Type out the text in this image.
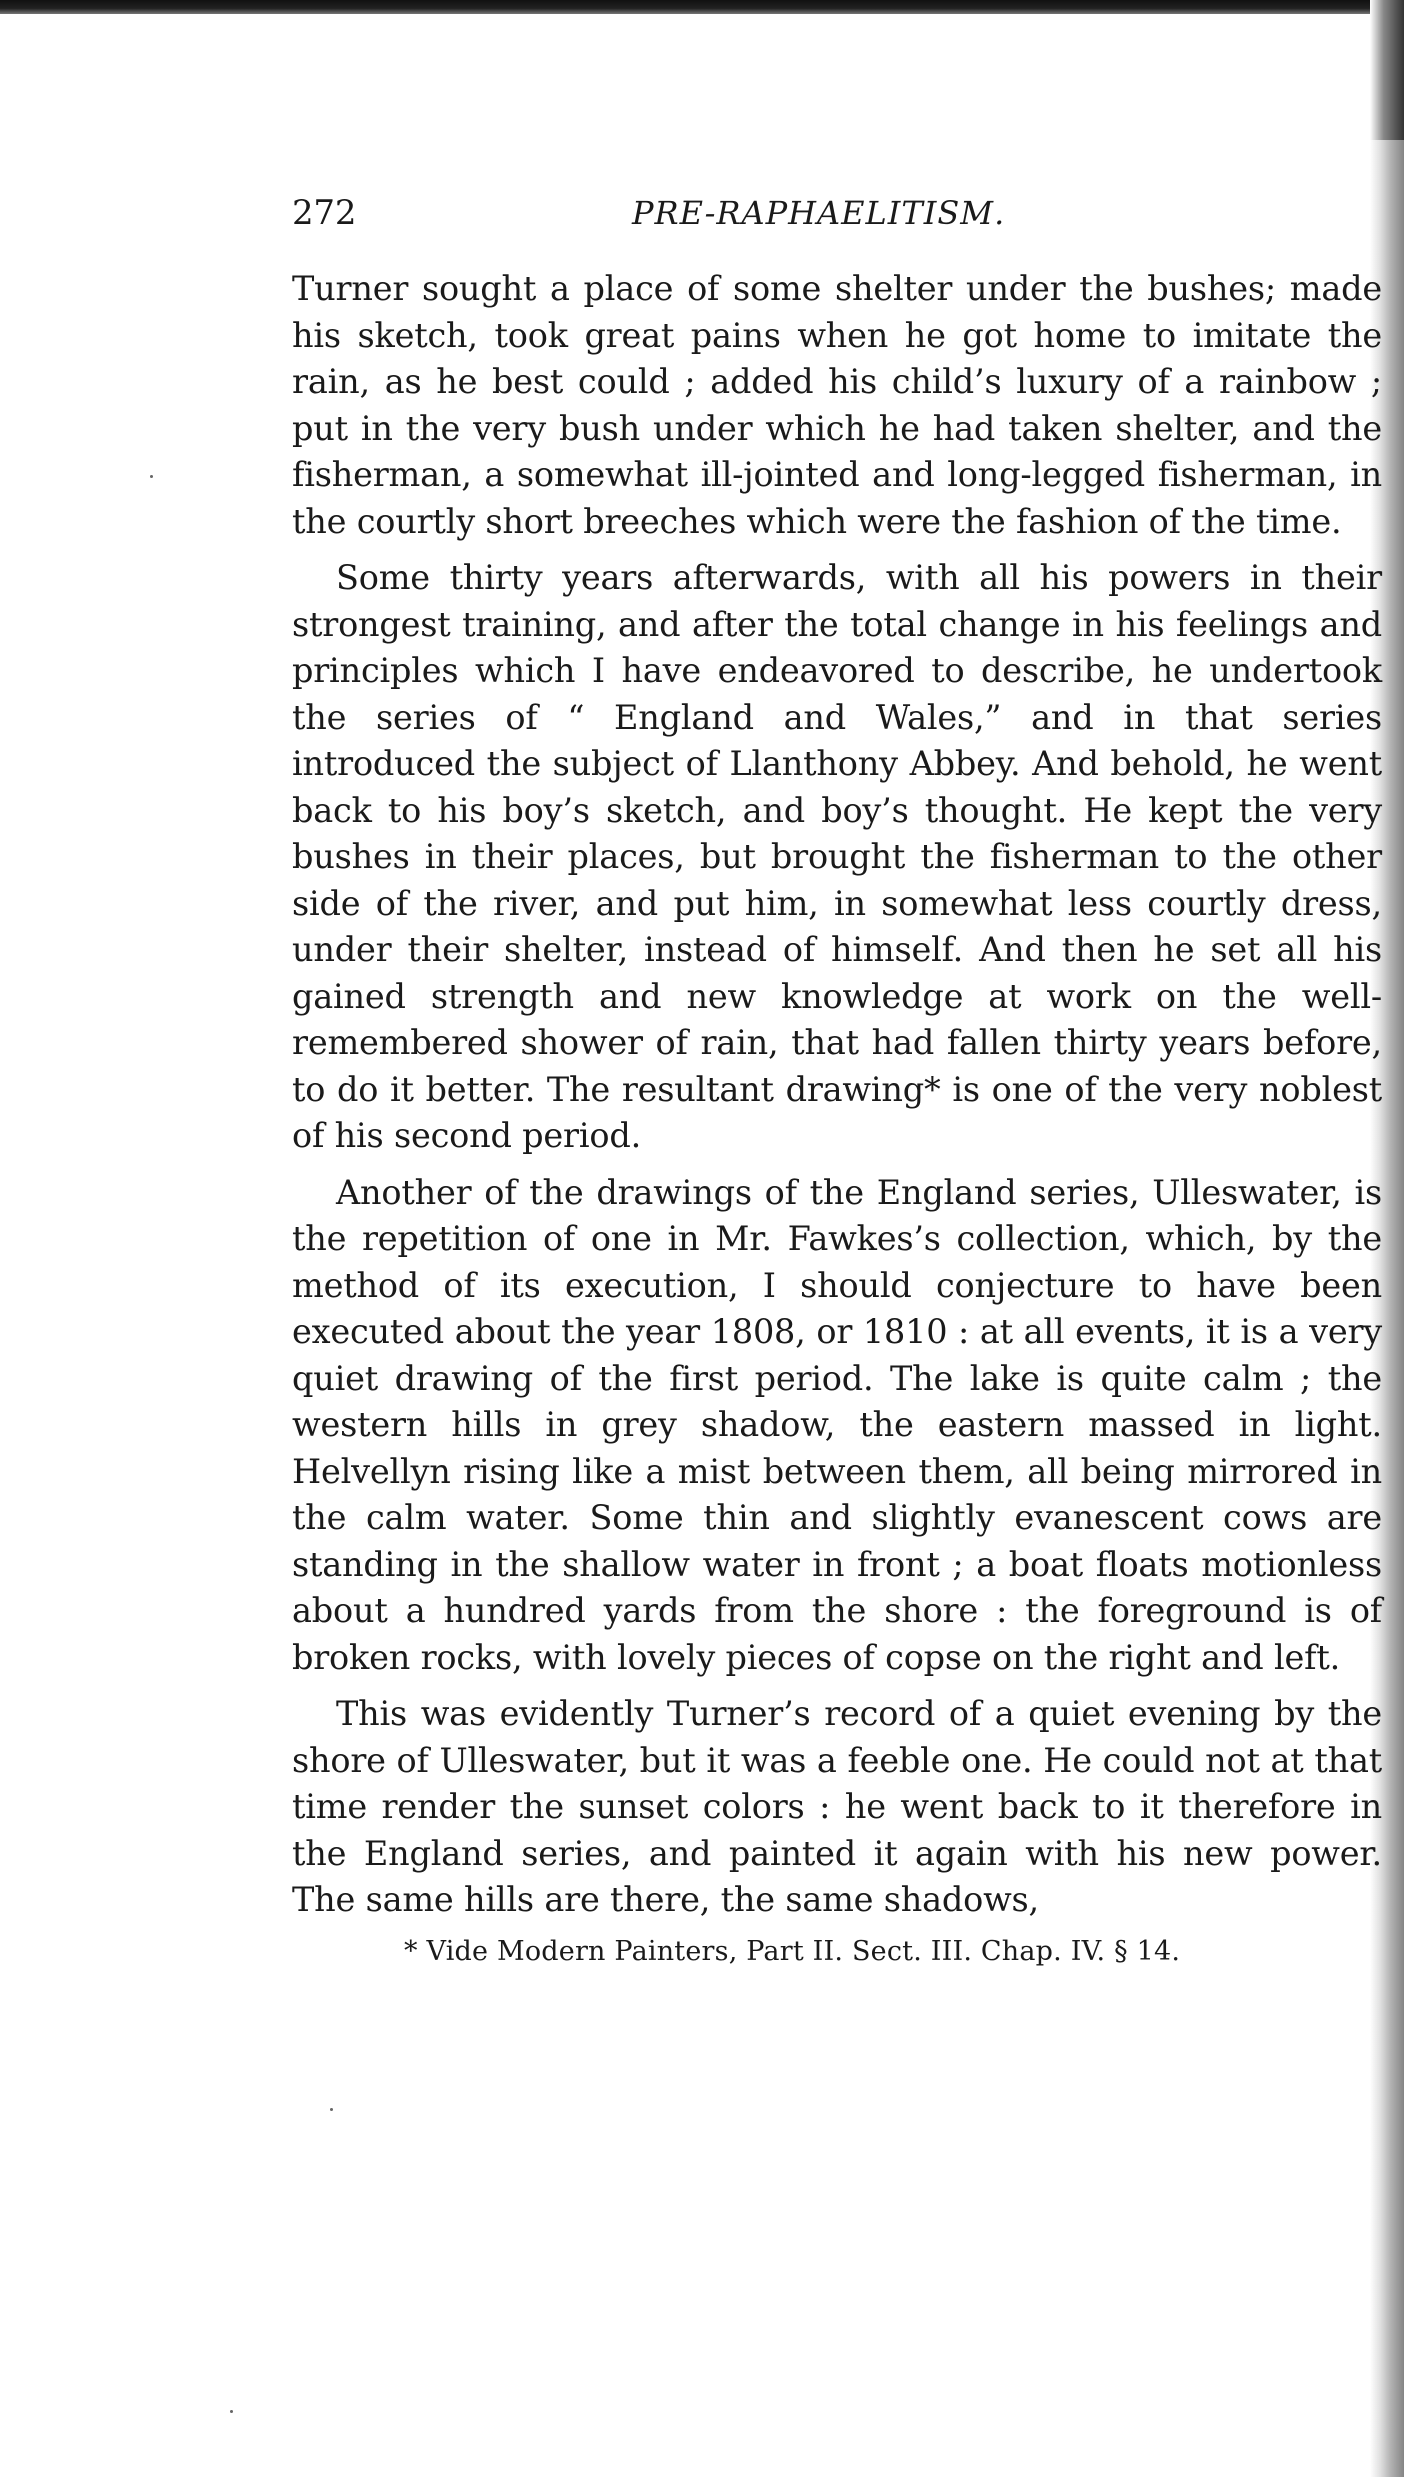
272	PRE-RAPHAELITISM.

Turner sought a place of some shelter under the bushes; made his sketch, took great pains when he got home to imitate the rain, as he best could ; added his child’s luxury of a rainbow ; put in the very bush under which he had taken shelter, and the fisherman, a somewhat ill-jointed and long-legged fisherman, in the courtly short breeches which were the fashion of the time.

Some thirty years afterwards, with all his powers in their strongest training, and after the total change in his feelings and principles which I have endeavored to describe, he undertook the series of “ England and Wales,” and in that series introduced the subject of Llanthony Abbey. And behold, he went back to his boy’s sketch, and boy’s thought. He kept the very bushes in their places, but brought the fisherman to the other side of the river, and put him, in somewhat less courtly dress, under their shelter, instead of himself. And then he set all his gained strength and new knowledge at work on the well-remembered shower of rain, that had fallen thirty years before, to do it better. The resultant drawing* is one of the very noblest of his second period.

Another of the drawings of the England series, Ulleswater, is the repetition of one in Mr. Fawkes’s collection, which, by the method of its execution, I should conjecture to have been executed about the year 1808, or 1810 : at all events, it is a very quiet drawing of the first period. The lake is quite calm ; the western hills in grey shadow, the eastern massed in light. Helvellyn rising like a mist between them, all being mirrored in the calm water. Some thin and slightly evanescent cows are standing in the shallow water in front ; a boat floats motionless about a hundred yards from the shore : the foreground is of broken rocks, with lovely pieces of copse on the right and left.

This was evidently Turner’s record of a quiet evening by the shore of Ulleswater, but it was a feeble one. He could not at that time render the sunset colors : he went back to it therefore in the England series, and painted it again with his new power. The same hills are there, the same shadows,

* Vide Modern Painters, Part II. Sect. III. Chap. IV. § 14.
